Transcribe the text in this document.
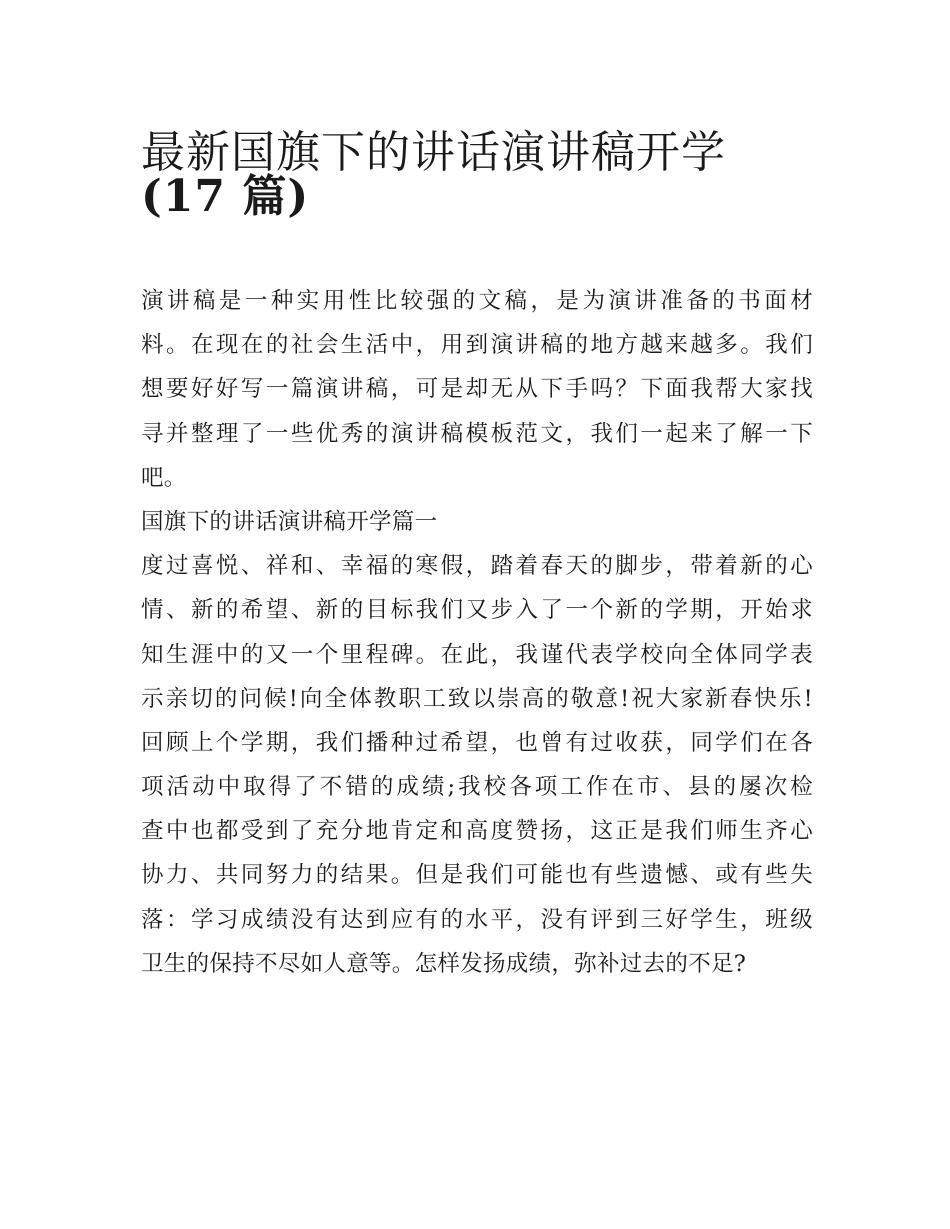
最新国旗下的讲话演讲稿开学
(17 篇)
演讲稿是一种实用性比较强的文稿，是为演讲准备的书面材
料。在现在的社会生活中，用到演讲稿的地方越来越多。我们
想要好好写一篇演讲稿，可是却无从下手吗？下面我帮大家找
寻并整理了一些优秀的演讲稿模板范文，我们一起来了解一下
吧。
国旗下的讲话演讲稿开学篇一
度过喜悦、祥和、幸福的寒假，踏着春天的脚步，带着新的心
情、新的希望、新的目标我们又步入了一个新的学期，开始求
知生涯中的又一个里程碑。在此，我谨代表学校向全体同学表
示亲切的问候!向全体教职工致以崇高的敬意!祝大家新春快乐!
回顾上个学期，我们播种过希望，也曾有过收获，同学们在各
项活动中取得了不错的成绩;我校各项工作在市、县的屡次检
查中也都受到了充分地肯定和高度赞扬，这正是我们师生齐心
协力、共同努力的结果。但是我们可能也有些遗憾、或有些失
落：学习成绩没有达到应有的水平，没有评到三好学生，班级
卫生的保持不尽如人意等。怎样发扬成绩，弥补过去的不足?
